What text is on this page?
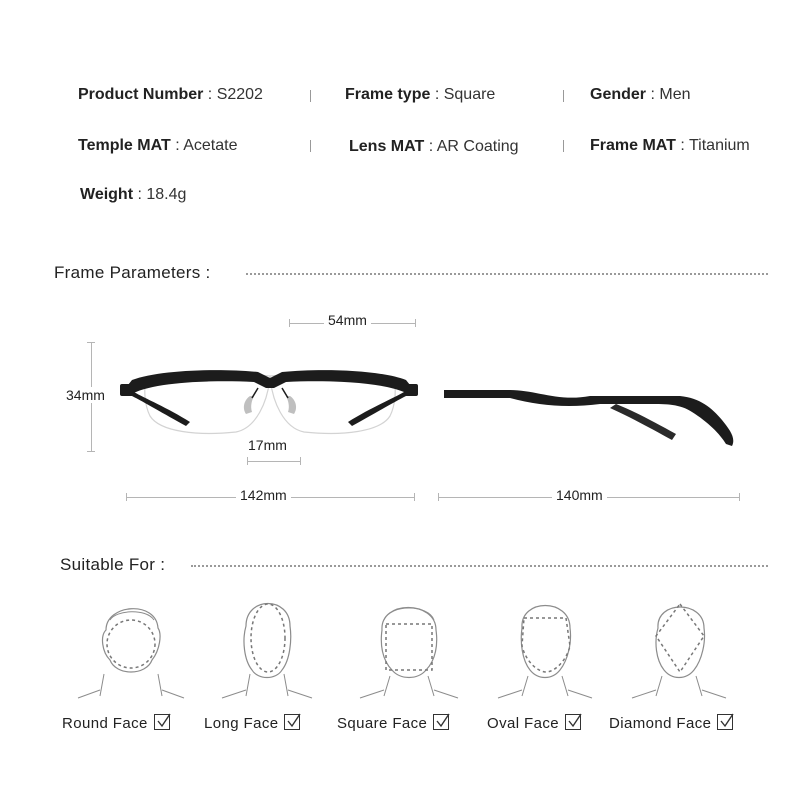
Product Number : S2202	Frame type : Square	Gender : Men
Temple MAT : Acetate	Lens MAT : AR Coating	Frame MAT : Titanium
Weight : 18.4g
Frame Parameters :
54mm
34mm
17mm
142mm	140mm
Suitable For :
Round Face	Long Face	Square Face	Oval Face	Diamond Face
